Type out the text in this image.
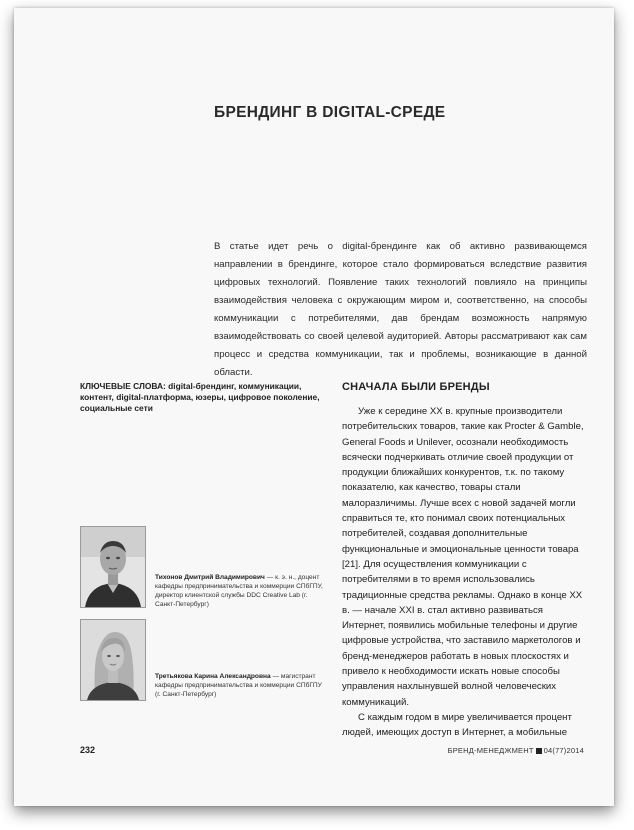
БРЕНДИНГ В DIGITAL-СРЕДЕ
В статье идет речь о digital-брендинге как об активно развивающемся направлении в брендинге, которое стало формироваться вследствие развития цифровых технологий. Появление таких технологий повлияло на принципы взаимодействия человека с окружающим миром и, соответственно, на способы коммуникации с потребителями, дав брендам возможность напрямую взаимодействовать со своей целевой аудиторией. Авторы рассматривают как сам процесс и средства коммуникации, так и проблемы, возникающие в данной области.
КЛЮЧЕВЫЕ СЛОВА: digital-брендинг, коммуникации, контент, digital-платформа, юзеры, цифровое поколение, социальные сети
СНАЧАЛА БЫЛИ БРЕНДЫ

Уже к середине XX в. крупные производители потребительских товаров, такие как Procter & Gamble, General Foods и Unilever, осознали необходимость всячески подчеркивать отличие своей продукции от продукции ближайших конкурентов, т.к. по такому показателю, как качество, товары стали малоразличимы. Лучше всех с новой задачей могли справиться те, кто понимал своих потенциальных потребителей, создавая дополнительные функциональные и эмоциональные ценности товара [21]. Для осуществления коммуникации с потребителями в то время использовались традиционные средства рекламы. Однако в конце XX в. — начале XXI в. стал активно развиваться Интернет, появились мобильные телефоны и другие цифровые устройства, что заставило маркетологов и бренд-менеджеров работать в новых плоскостях и привело к необходимости искать новые способы управления нахлынувшей волной человеческих коммуникаций.

С каждым годом в мире увеличивается процент людей, имеющих доступ в Интернет, а мобильные

Тихонов Дмитрий Владимирович — к. э. н., доцент кафедры предпринимательства и коммерции СПбГПУ, директор клиентской службы DDC Creative Lab (г. Санкт-Петербург)
Третьякова Карина Александровна — магистрант кафедры предпринимательства и коммерции СПбГПУ (г. Санкт-Петербург)
232	БРЕНД-МЕНЕДЖМЕНТ 04(77)2014
